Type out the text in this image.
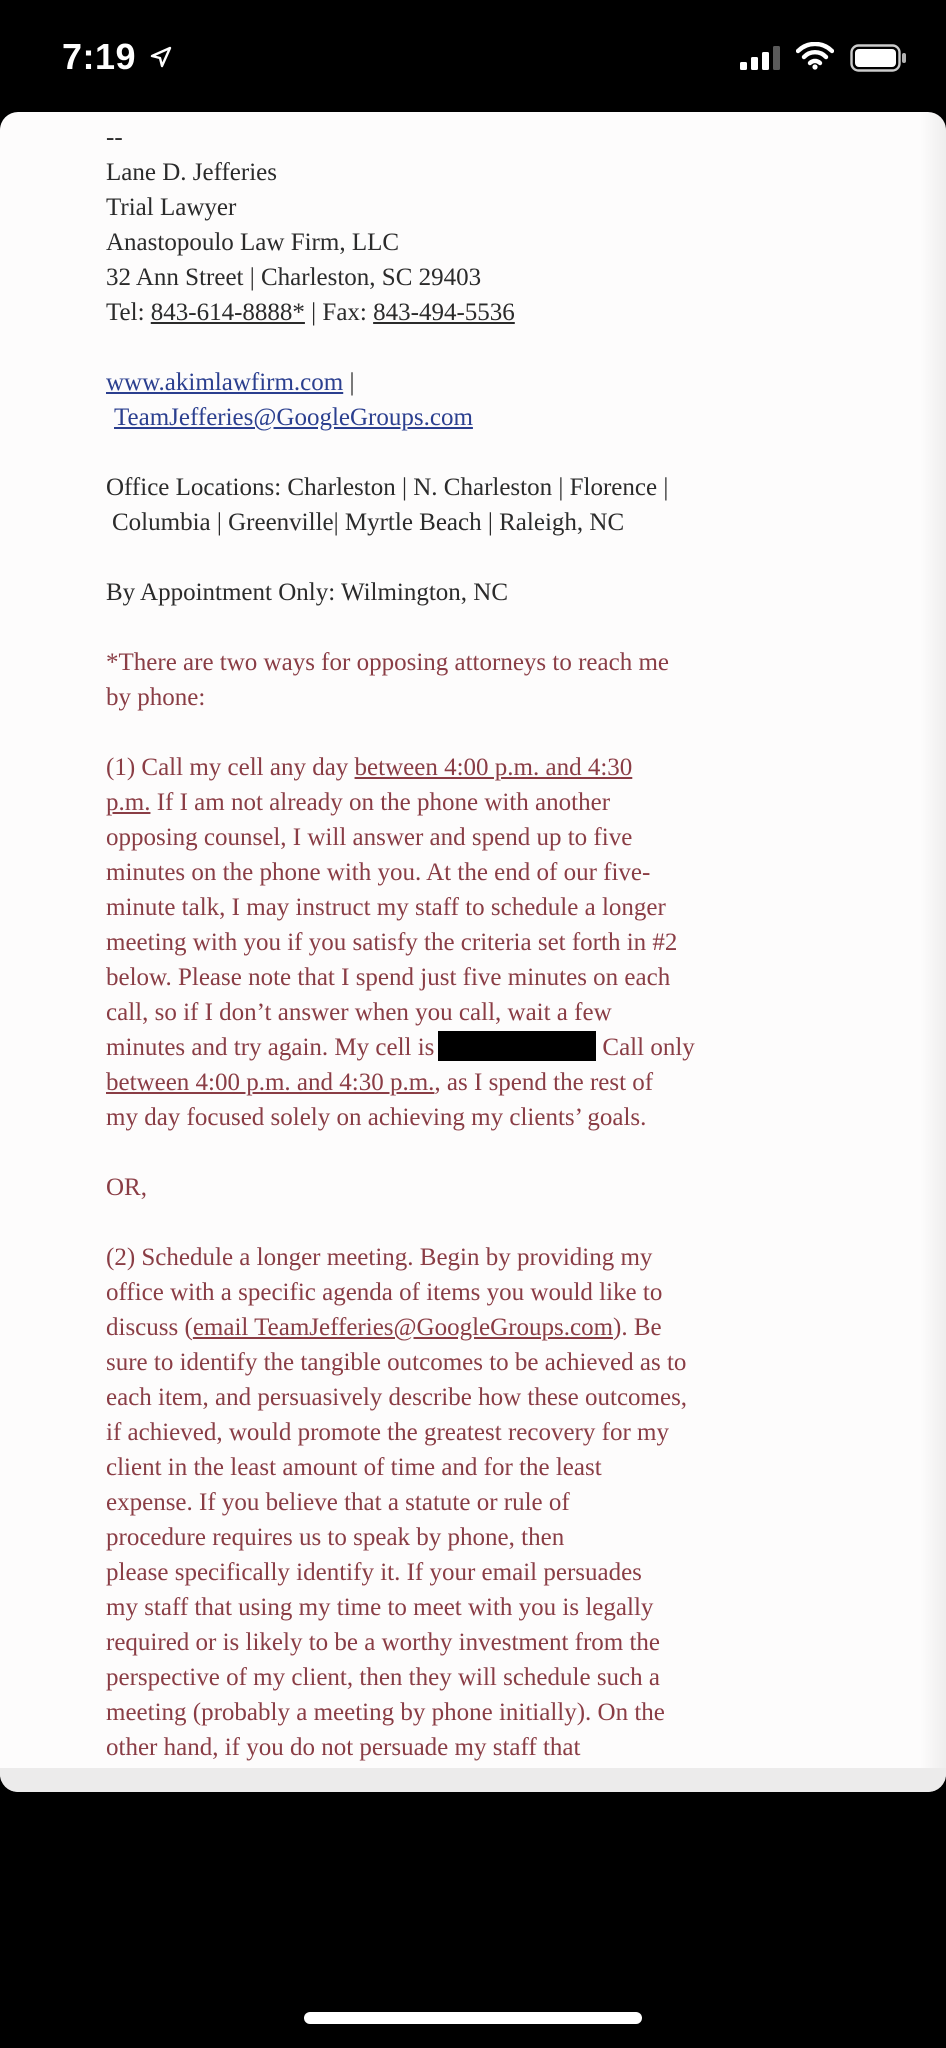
7:19
--
Lane D. Jefferies
Trial Lawyer
Anastopoulo Law Firm, LLC
32 Ann Street | Charleston, SC 29403
Tel: 843-614-8888* | Fax: 843-494-5536
www.akimlawfirm.com |
TeamJefferies@GoogleGroups.com
Office Locations: Charleston | N. Charleston | Florence |
Columbia | Greenville| Myrtle Beach | Raleigh, NC
By Appointment Only: Wilmington, NC
*There are two ways for opposing attorneys to reach me
by phone:
(1) Call my cell any day between 4:00 p.m. and 4:30
p.m. If I am not already on the phone with another
opposing counsel, I will answer and spend up to five
minutes on the phone with you. At the end of our five-
minute talk, I may instruct my staff to schedule a longer
meeting with you if you satisfy the criteria set forth in #2
below. Please note that I spend just five minutes on each
call, so if I don’t answer when you call, wait a few
minutes and try again. My cell is	Call only
between 4:00 p.m. and 4:30 p.m., as I spend the rest of
my day focused solely on achieving my clients’ goals.
OR,
(2) Schedule a longer meeting. Begin by providing my
office with a specific agenda of items you would like to
discuss (email TeamJefferies@GoogleGroups.com). Be
sure to identify the tangible outcomes to be achieved as to
each item, and persuasively describe how these outcomes,
if achieved, would promote the greatest recovery for my
client in the least amount of time and for the least
expense. If you believe that a statute or rule of
procedure requires us to speak by phone, then
please specifically identify it. If your email persuades
my staff that using my time to meet with you is legally
required or is likely to be a worthy investment from the
perspective of my client, then they will schedule such a
meeting (probably a meeting by phone initially). On the
other hand, if you do not persuade my staff that
